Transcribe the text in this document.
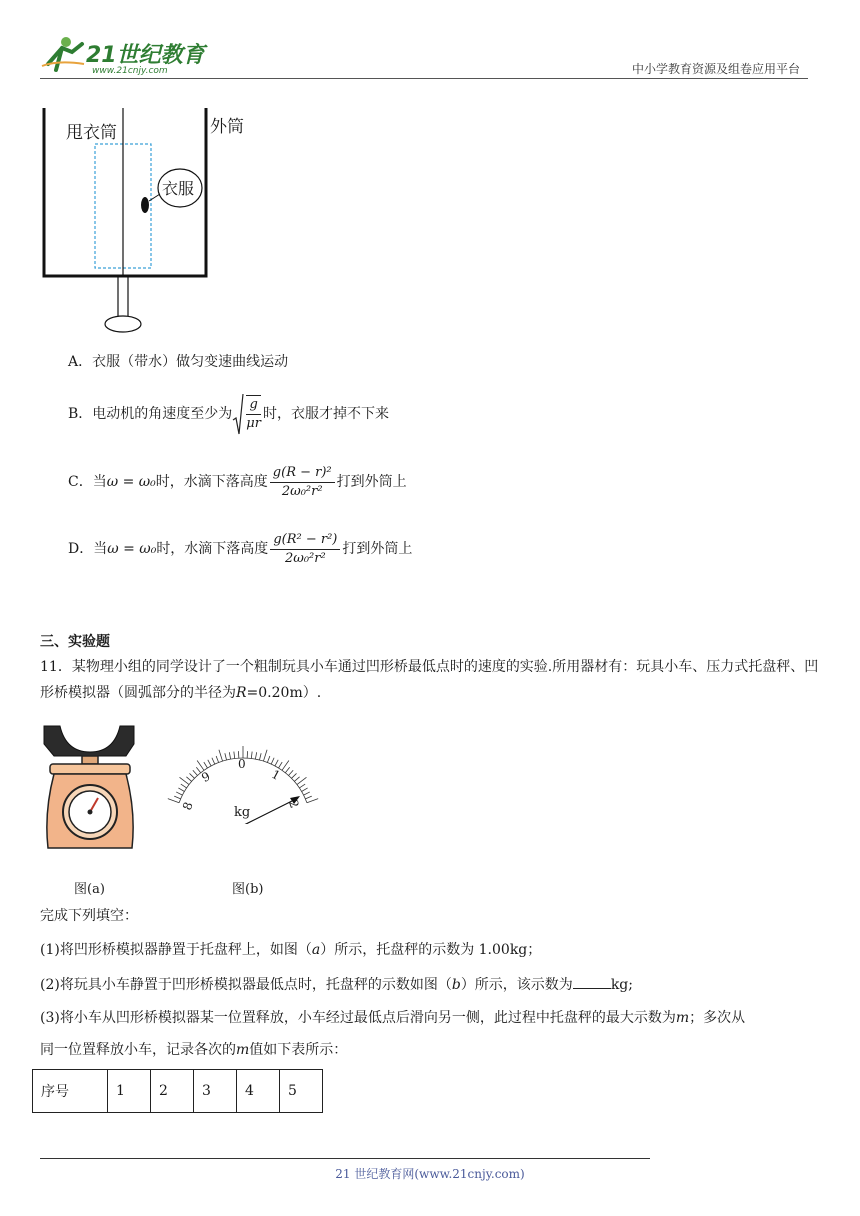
21世纪教育
www.21cnjy.com	中小学教育资源及组卷应用平台
甩衣筒	外筒
衣服
A．衣服（带水）做匀变速曲线运动
B．电动机的角速度至少为 $\frac{g}{\mu r}$ 时，衣服才掉不下来
C．当ω = ω₀时，水滴下落高度 $\frac{\text{g(R − r)²}}{\text{2ω₀²r²}}$ 打到外筒上
D．当ω = ω₀时，水滴下落高度 $\frac{\text{g(R² − r²)}}{\text{2ω₀²r²}}$ 打到外筒上
三、实验题
11．某物理小组的同学设计了一个粗制玩具小车通过凹形桥最低点时的速度的实验.所用器材有：玩具小车、压力式托盘秤、凹形桥模拟器（圆弧部分的半径为R=0.20m）.
0
1
2
9
8	kg
图(a)	图(b)
完成下列填空：
(1)将凹形桥模拟器静置于托盘秤上，如图（a）所示，托盘秤的示数为 1.00kg；
(2)将玩具小车静置于凹形桥模拟器最低点时，托盘秤的示数如图（b）所示，该示数为	kg;
(3)将小车从凹形桥模拟器某一位置释放，小车经过最低点后滑向另一侧，此过程中托盘秤的最大示数为m；多次从
同一位置释放小车，记录各次的m值如下表所示：
序号	1	2	3	4	5
21 世纪教育网(www.21cnjy.com)
